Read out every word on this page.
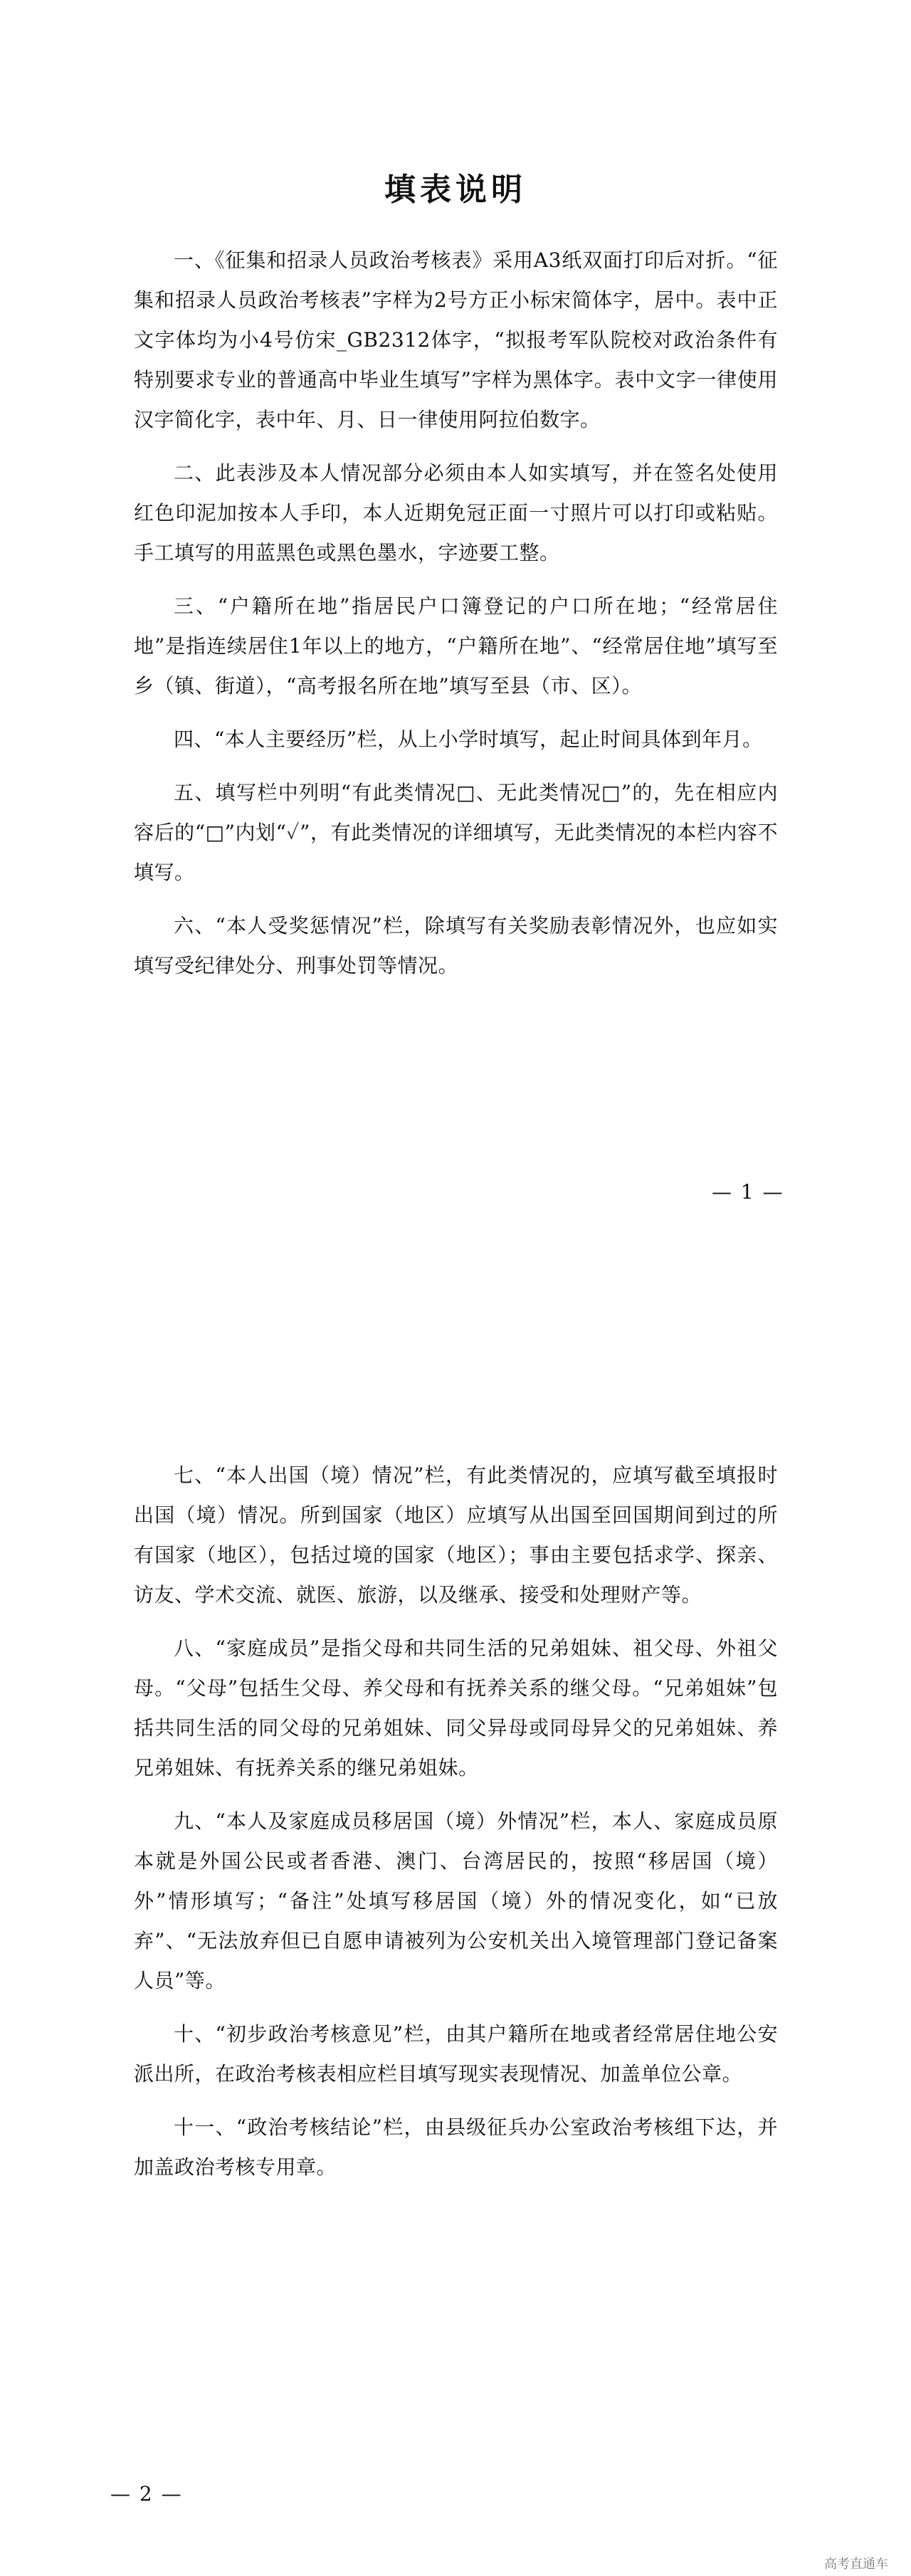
填表说明

一、《征集和招录人员政治考核表》采用A3纸双面打印后对折。“征集和招录人员政治考核表”字样为2号方正小标宋简体字，居中。表中正文字体均为小4号仿宋_GB2312体字，“拟报考军队院校对政治条件有特别要求专业的普通高中毕业生填写”字样为黑体字。表中文字一律使用汉字简化字，表中年、月、日一律使用阿拉伯数字。

二、此表涉及本人情况部分必须由本人如实填写，并在签名处使用红色印泥加按本人手印，本人近期免冠正面一寸照片可以打印或粘贴。手工填写的用蓝黑色或黑色墨水，字迹要工整。

三、“户籍所在地”指居民户口簿登记的户口所在地；“经常居住地”是指连续居住1年以上的地方，“户籍所在地”、“经常居住地”填写至乡（镇、街道），“高考报名所在地”填写至县（市、区）。

四、“本人主要经历”栏，从上小学时填写，起止时间具体到年月。

五、填写栏中列明“有此类情况□、无此类情况□”的，先在相应内容后的“□”内划“✓”，有此类情况的详细填写，无此类情况的本栏内容不填写。

六、“本人受奖惩情况”栏，除填写有关奖励表彰情况外，也应如实填写受纪律处分、刑事处罚等情况。

— 1 —

七、“本人出国（境）情况”栏，有此类情况的，应填写截至填报时出国（境）情况。所到国家（地区）应填写从出国至回国期间到过的所有国家（地区），包括过境的国家（地区）；事由主要包括求学、探亲、访友、学术交流、就医、旅游，以及继承、接受和处理财产等。

八、“家庭成员”是指父母和共同生活的兄弟姐妹、祖父母、外祖父母。“父母”包括生父母、养父母和有抚养关系的继父母。“兄弟姐妹”包括共同生活的同父母的兄弟姐妹、同父异母或同母异父的兄弟姐妹、养兄弟姐妹、有抚养关系的继兄弟姐妹。

九、“本人及家庭成员移居国（境）外情况”栏，本人、家庭成员原本就是外国公民或者香港、澳门、台湾居民的，按照“移居国（境）外”情形填写；“备注”处填写移居国（境）外的情况变化，如“已放弃”、“无法放弃但已自愿申请被列为公安机关出入境管理部门登记备案人员”等。

十、“初步政治考核意见”栏，由其户籍所在地或者经常居住地公安派出所，在政治考核表相应栏目填写现实表现情况、加盖单位公章。

十一、“政治考核结论”栏，由县级征兵办公室政治考核组下达，并加盖政治考核专用章。

— 2 —
高考直通车
